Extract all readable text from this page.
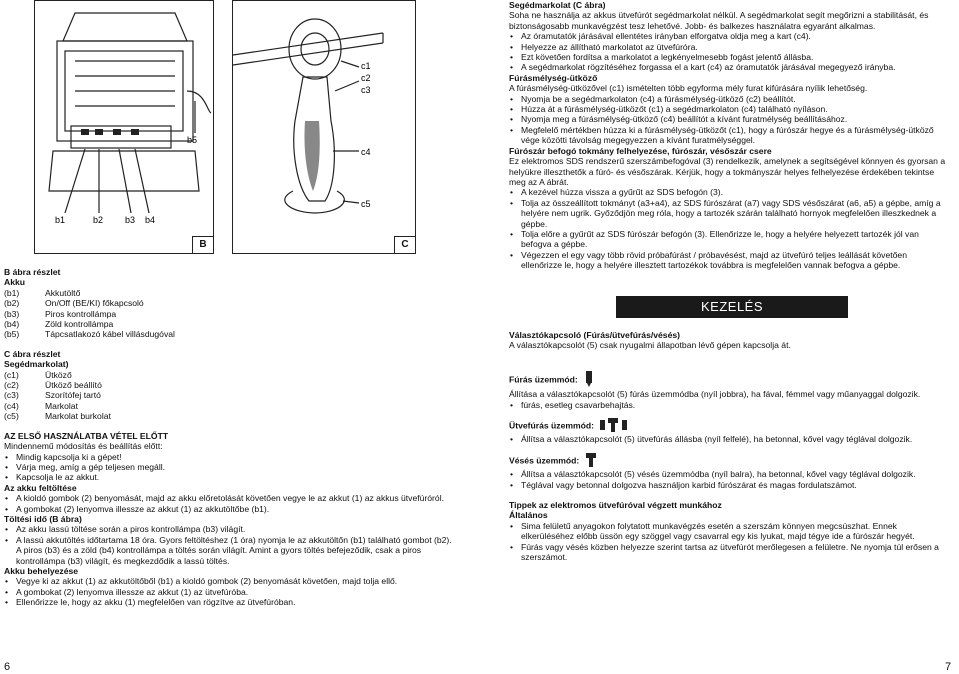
b5
b1	b2 b3 b4
B
c1
c2
c3
c4
c5
C
B ábra részlet
Akku
(b1)	Akkutöltő
(b2)	On/Off (BE/KI) főkapcsoló
(b3)	Piros kontrollámpa
(b4)	Zöld kontrollámpa
(b5)	Tápcsatlakozó kábel villásdugóval
C ábra részlet
Segédmarkolat)
(c1)	Ütköző
(c2)	Ütköző beállító
(c3)	Szorítófej tartó
(c4)	Markolat
(c5)	Markolat burkolat
AZ ELSŐ HASZNÁLATBA VÉTEL ELŐTT

Mindennemű módosítás és beállítás előtt:

• Mindig kapcsolja ki a gépet!
• Várja meg, amíg a gép teljesen megáll.
• Kapcsolja le az akkut.
Az akku feltöltése
• A kioldó gombok (2) benyomását, majd az akku előretolását követően vegye le az akkut (1) az akkus ütvefúróról.
• A gombokat (2) lenyomva illessze az akkut (1) az akkutöltőbe (b1).
Töltési idő (B ábra)
• Az akku lassú töltése során a piros kontrollámpa (b3) világít.
• A lassú akkutöltés időtartama 18 óra. Gyors feltöltéshez (1 óra) nyomja le az akkutöltőn (b1) található gombot (b2). A piros (b3) és a zöld (b4) kontrollámpa a töltés során világít. Amint a gyors töltés befejeződik, csak a piros kontrollámpa (b3) világít, és megkezdődik a lassú töltés.
Akku behelyezése
• Vegye ki az akkut (1) az akkutöltőből (b1) a kioldó gombok (2) benyomását követően, majd tolja ellő.
• A gombokat (2) lenyomva illessze az akkut (1) az ütvefúróba.
• Ellenőrizze le, hogy az akku (1) megfelelően van rögzítve az ütvefúróban.
Segédmarkolat (C ábra)

Soha ne használja az akkus ütvefúrót segédmarkolat nélkül. A segédmarkolat segít megőrizni a stabilitását, és biztonságosabb munkavégzést tesz lehetővé. Jobb- és balkezes használatra egyaránt alkalmas.

• Az óramutatók járásával ellentétes irányban elforgatva oldja meg a kart (c4).
• Helyezze az állítható markolatot az ütvefúróra.
• Ezt követően fordítsa a markolatot a legkényelmesebb fogást jelentő állásba.
• A segédmarkolat rögzítéséhez forgassa el a kart (c4) az óramutatók járásával megegyező irányba.
Fúrásmélység-ütköző

A fúrásmélység-ütközővel (c1) ismételten több egyforma mély furat kifúrására nyílik lehetőség.

• Nyomja be a segédmarkolaton (c4) a fúrásmélység-ütköző (c2) beállítót.
• Húzza át a fúrásmélység-ütközőt (c1) a segédmarkolaton (c4) található nyíláson.
• Nyomja meg a fúrásmélység-ütköző (c4) beállítót a kívánt furatmélység beállításához.
• Megfelelő mértékben húzza ki a fúrásmélység-ütközőt (c1), hogy a fúrószár hegye és a fúrásmélység-ütköző vége közötti távolság megegyezzen a kívánt furatmélységgel.
Fúrószár befogó tokmány felhelyezése, fúrószár, vésőszár csere

Ez elektromos SDS rendszerű szerszámbefogóval (3) rendelkezik, amelynek a segítségével könnyen és gyorsan a helyükre illeszthetők a fúró- és vésőszárak. Kérjük, hogy a tokmányszár helyes felhelyezése érdekében tekintse meg az A ábrát.

• A kezével húzza vissza a gyűrűt az SDS befogón (3).
• Tolja az összeállított tokmányt (a3+a4), az SDS fúrószárat (a7) vagy SDS vésőszárat (a6, a5) a gépbe, amíg a helyére nem ugrik. Győződjön meg róla, hogy a tartozék szárán található hornyok megfelelően illeszkednek a gépbe.
• Tolja előre a gyűrűt az SDS fúrószár befogón (3). Ellenőrizze le, hogy a helyére helyezett tartozék jól van befogva a gépbe.
• Végezzen el egy vagy több rövid próbafúrást / próbavésést, majd az ütvefúró teljes leállását követően ellenőrizze le, hogy a helyére illesztett tartozékok továbbra is megfelelően vannak befogva a gépbe.
KEZELÉS
Választókapcsoló (Fúrás/ütvefúrás/vésés)

A választókapcsolót (5) csak nyugalmi állapotban lévő gépen kapcsolja át.

Fúrás üzemmód:

Állítása a választókapcsolót (5) fúrás üzemmódba (nyíl jobbra), ha fával, fémmel vagy műanyaggal dolgozik.

• fúrás, esetleg csavarbehajtás.
Ütvefúrás üzemmód:
• Állítsa a választókapcsolót (5) ütvefúrás állásba (nyíl felfelé), ha betonnal, kővel vagy téglával dolgozik.
Vésés üzemmód:
• Állítsa a választókapcsolót (5) vésés üzemmódba (nyíl balra), ha betonnal, kővel vagy téglával dolgozik.
• Téglával vagy betonnal dolgozva használjon karbid fúrószárat és magas fordulatszámot.
Tippek az elektromos ütvefúróval végzett munkához
Általános
• Sima felületű anyagokon folytatott munkavégzés esetén a szerszám könnyen megcsúszhat. Ennek elkerüléséhez előbb üssön egy szöggel vagy csavarral egy kis lyukat, majd tégye ide a fúrószár hegyét.
• Fúrás vagy vésés közben helyezze szerint tartsa az ütvefúrót merőlegesen a felületre. Ne nyomja túl erősen a szerszámot.
6	7
